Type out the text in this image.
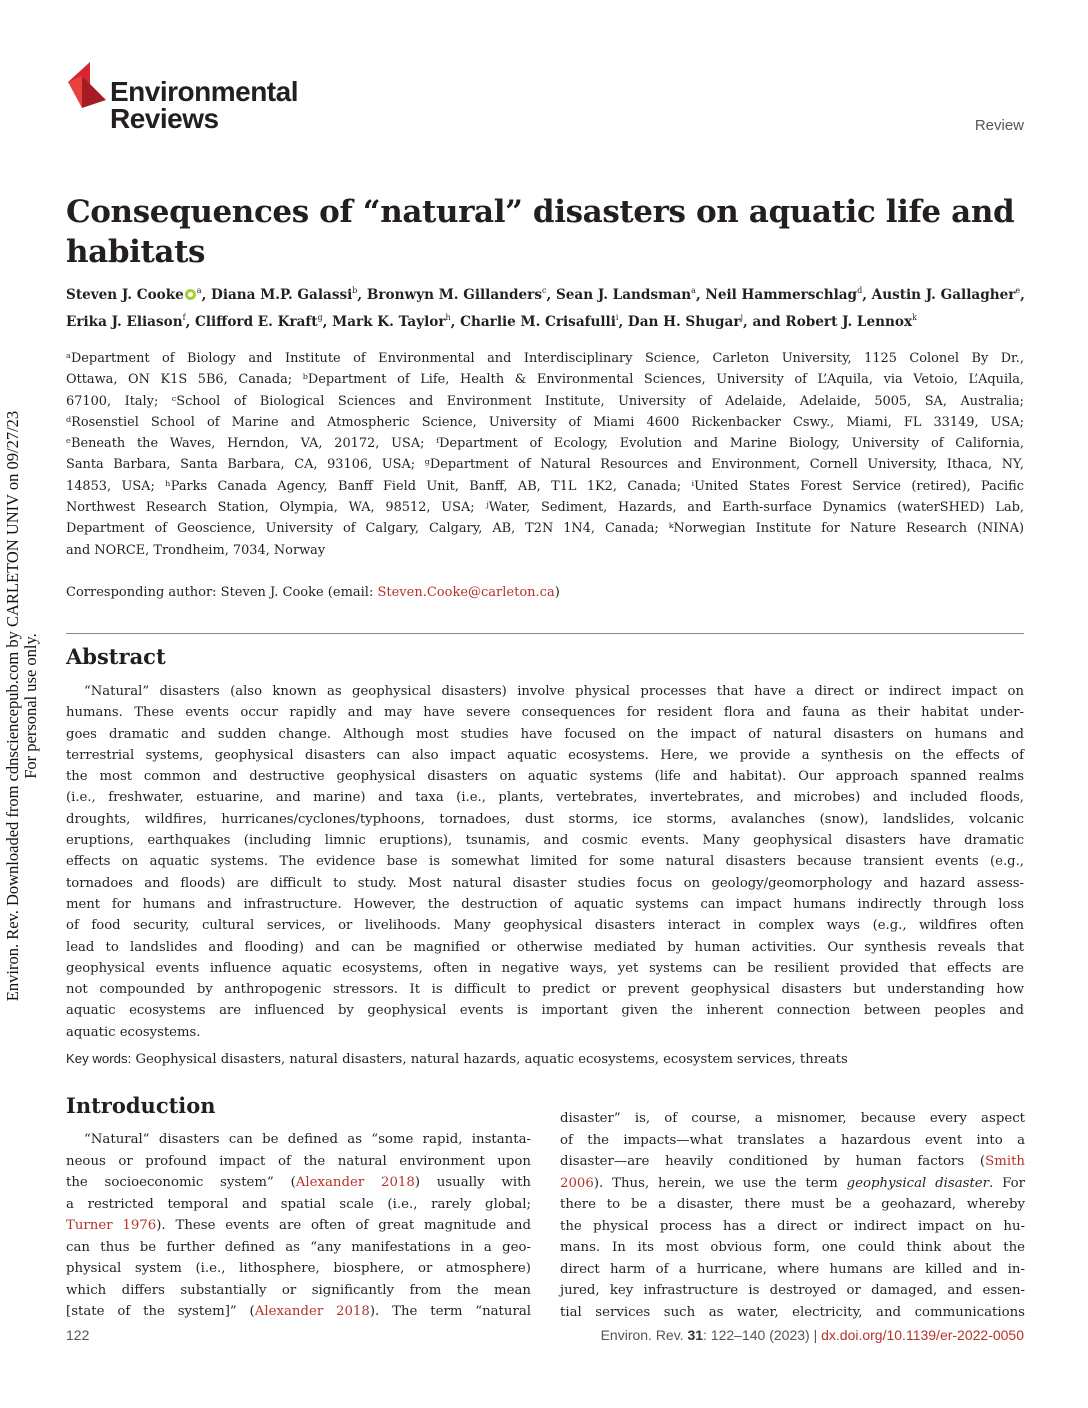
Environmental
Reviews	Review
Environ. Rev. Downloaded from cdnsciencepub.com by CARLETON UNIV on 09/27/23 For personal use only.
Consequences of “natural” disasters on aquatic life and habitats
Steven J. Cooke $^a$, Diana M.P. Galassi$^b$, Bronwyn M. Gillanders$^c$, Sean J. Landsman$^a$, Neil Hammerschlag$^d$, Austin J. Gallagher$^e$, Erika J. Eliason$^f$, Clifford E. Kraft$^g$, Mark K. Taylor$^h$, Charlie M. Crisafulli$^i$, Dan H. Shugar$^j$, and Robert J. Lennox$^k$
ᵃDepartment of Biology and Institute of Environmental and Interdisciplinary Science, Carleton University, 1125 Colonel By Dr.,
Ottawa, ON K1S 5B6, Canada; ᵇDepartment of Life, Health & Environmental Sciences, University of L’Aquila, via Vetoio, L’Aquila,
67100, Italy; ᶜSchool of Biological Sciences and Environment Institute, University of Adelaide, Adelaide, 5005, SA, Australia;
ᵈRosenstiel School of Marine and Atmospheric Science, University of Miami 4600 Rickenbacker Cswy., Miami, FL 33149, USA;
ᵉBeneath the Waves, Herndon, VA, 20172, USA; ᶠDepartment of Ecology, Evolution and Marine Biology, University of California,
Santa Barbara, Santa Barbara, CA, 93106, USA; ᵍDepartment of Natural Resources and Environment, Cornell University, Ithaca, NY,
14853, USA; ʰParks Canada Agency, Banff Field Unit, Banff, AB, T1L 1K2, Canada; ⁱUnited States Forest Service (retired), Pacific
Northwest Research Station, Olympia, WA, 98512, USA; ʲWater, Sediment, Hazards, and Earth-surface Dynamics (waterSHED) Lab,
Department of Geoscience, University of Calgary, Calgary, AB, T2N 1N4, Canada; ᵏNorwegian Institute for Nature Research (NINA)
and NORCE, Trondheim, 7034, Norway
Corresponding author: Steven J. Cooke (email: Steven.Cooke@carleton.ca)
Abstract
“Natural” disasters (also known as geophysical disasters) involve physical processes that have a direct or indirect impact on
humans. These events occur rapidly and may have severe consequences for resident flora and fauna as their habitat under-
goes dramatic and sudden change. Although most studies have focused on the impact of natural disasters on humans and
terrestrial systems, geophysical disasters can also impact aquatic ecosystems. Here, we provide a synthesis on the effects of
the most common and destructive geophysical disasters on aquatic systems (life and habitat). Our approach spanned realms
(i.e., freshwater, estuarine, and marine) and taxa (i.e., plants, vertebrates, invertebrates, and microbes) and included floods,
droughts, wildfires, hurricanes/cyclones/typhoons, tornadoes, dust storms, ice storms, avalanches (snow), landslides, volcanic
eruptions, earthquakes (including limnic eruptions), tsunamis, and cosmic events. Many geophysical disasters have dramatic
effects on aquatic systems. The evidence base is somewhat limited for some natural disasters because transient events (e.g.,
tornadoes and floods) are difficult to study. Most natural disaster studies focus on geology/geomorphology and hazard assess-
ment for humans and infrastructure. However, the destruction of aquatic systems can impact humans indirectly through loss
of food security, cultural services, or livelihoods. Many geophysical disasters interact in complex ways (e.g., wildfires often
lead to landslides and flooding) and can be magnified or otherwise mediated by human activities. Our synthesis reveals that
geophysical events influence aquatic ecosystems, often in negative ways, yet systems can be resilient provided that effects are
not compounded by anthropogenic stressors. It is difficult to predict or prevent geophysical disasters but understanding how
aquatic ecosystems are influenced by geophysical events is important given the inherent connection between peoples and
aquatic ecosystems.
Key words: Geophysical disasters, natural disasters, natural hazards, aquatic ecosystems, ecosystem services, threats
Introduction
“Natural” disasters can be defined as “some rapid, instanta-
neous or profound impact of the natural environment upon
the socioeconomic system” (Alexander 2018) usually with
a restricted temporal and spatial scale (i.e., rarely global;
Turner 1976). These events are often of great magnitude and
can thus be further defined as “any manifestations in a geo-
physical system (i.e., lithosphere, biosphere, or atmosphere)
which differs substantially or significantly from the mean
[state of the system]” (Alexander 2018). The term “natural
disaster” is, of course, a misnomer, because every aspect
of the impacts—what translates a hazardous event into a
disaster—are heavily conditioned by human factors (Smith
2006). Thus, herein, we use the term geophysical disaster. For
there to be a disaster, there must be a geohazard, whereby
the physical process has a direct or indirect impact on hu-
mans. In its most obvious form, one could think about the
direct harm of a hurricane, where humans are killed and in-
jured, key infrastructure is destroyed or damaged, and essen-
tial services such as water, electricity, and communications
122	Environ. Rev. 31: 122–140 (2023) | dx.doi.org/10.1139/er-2022-0050
